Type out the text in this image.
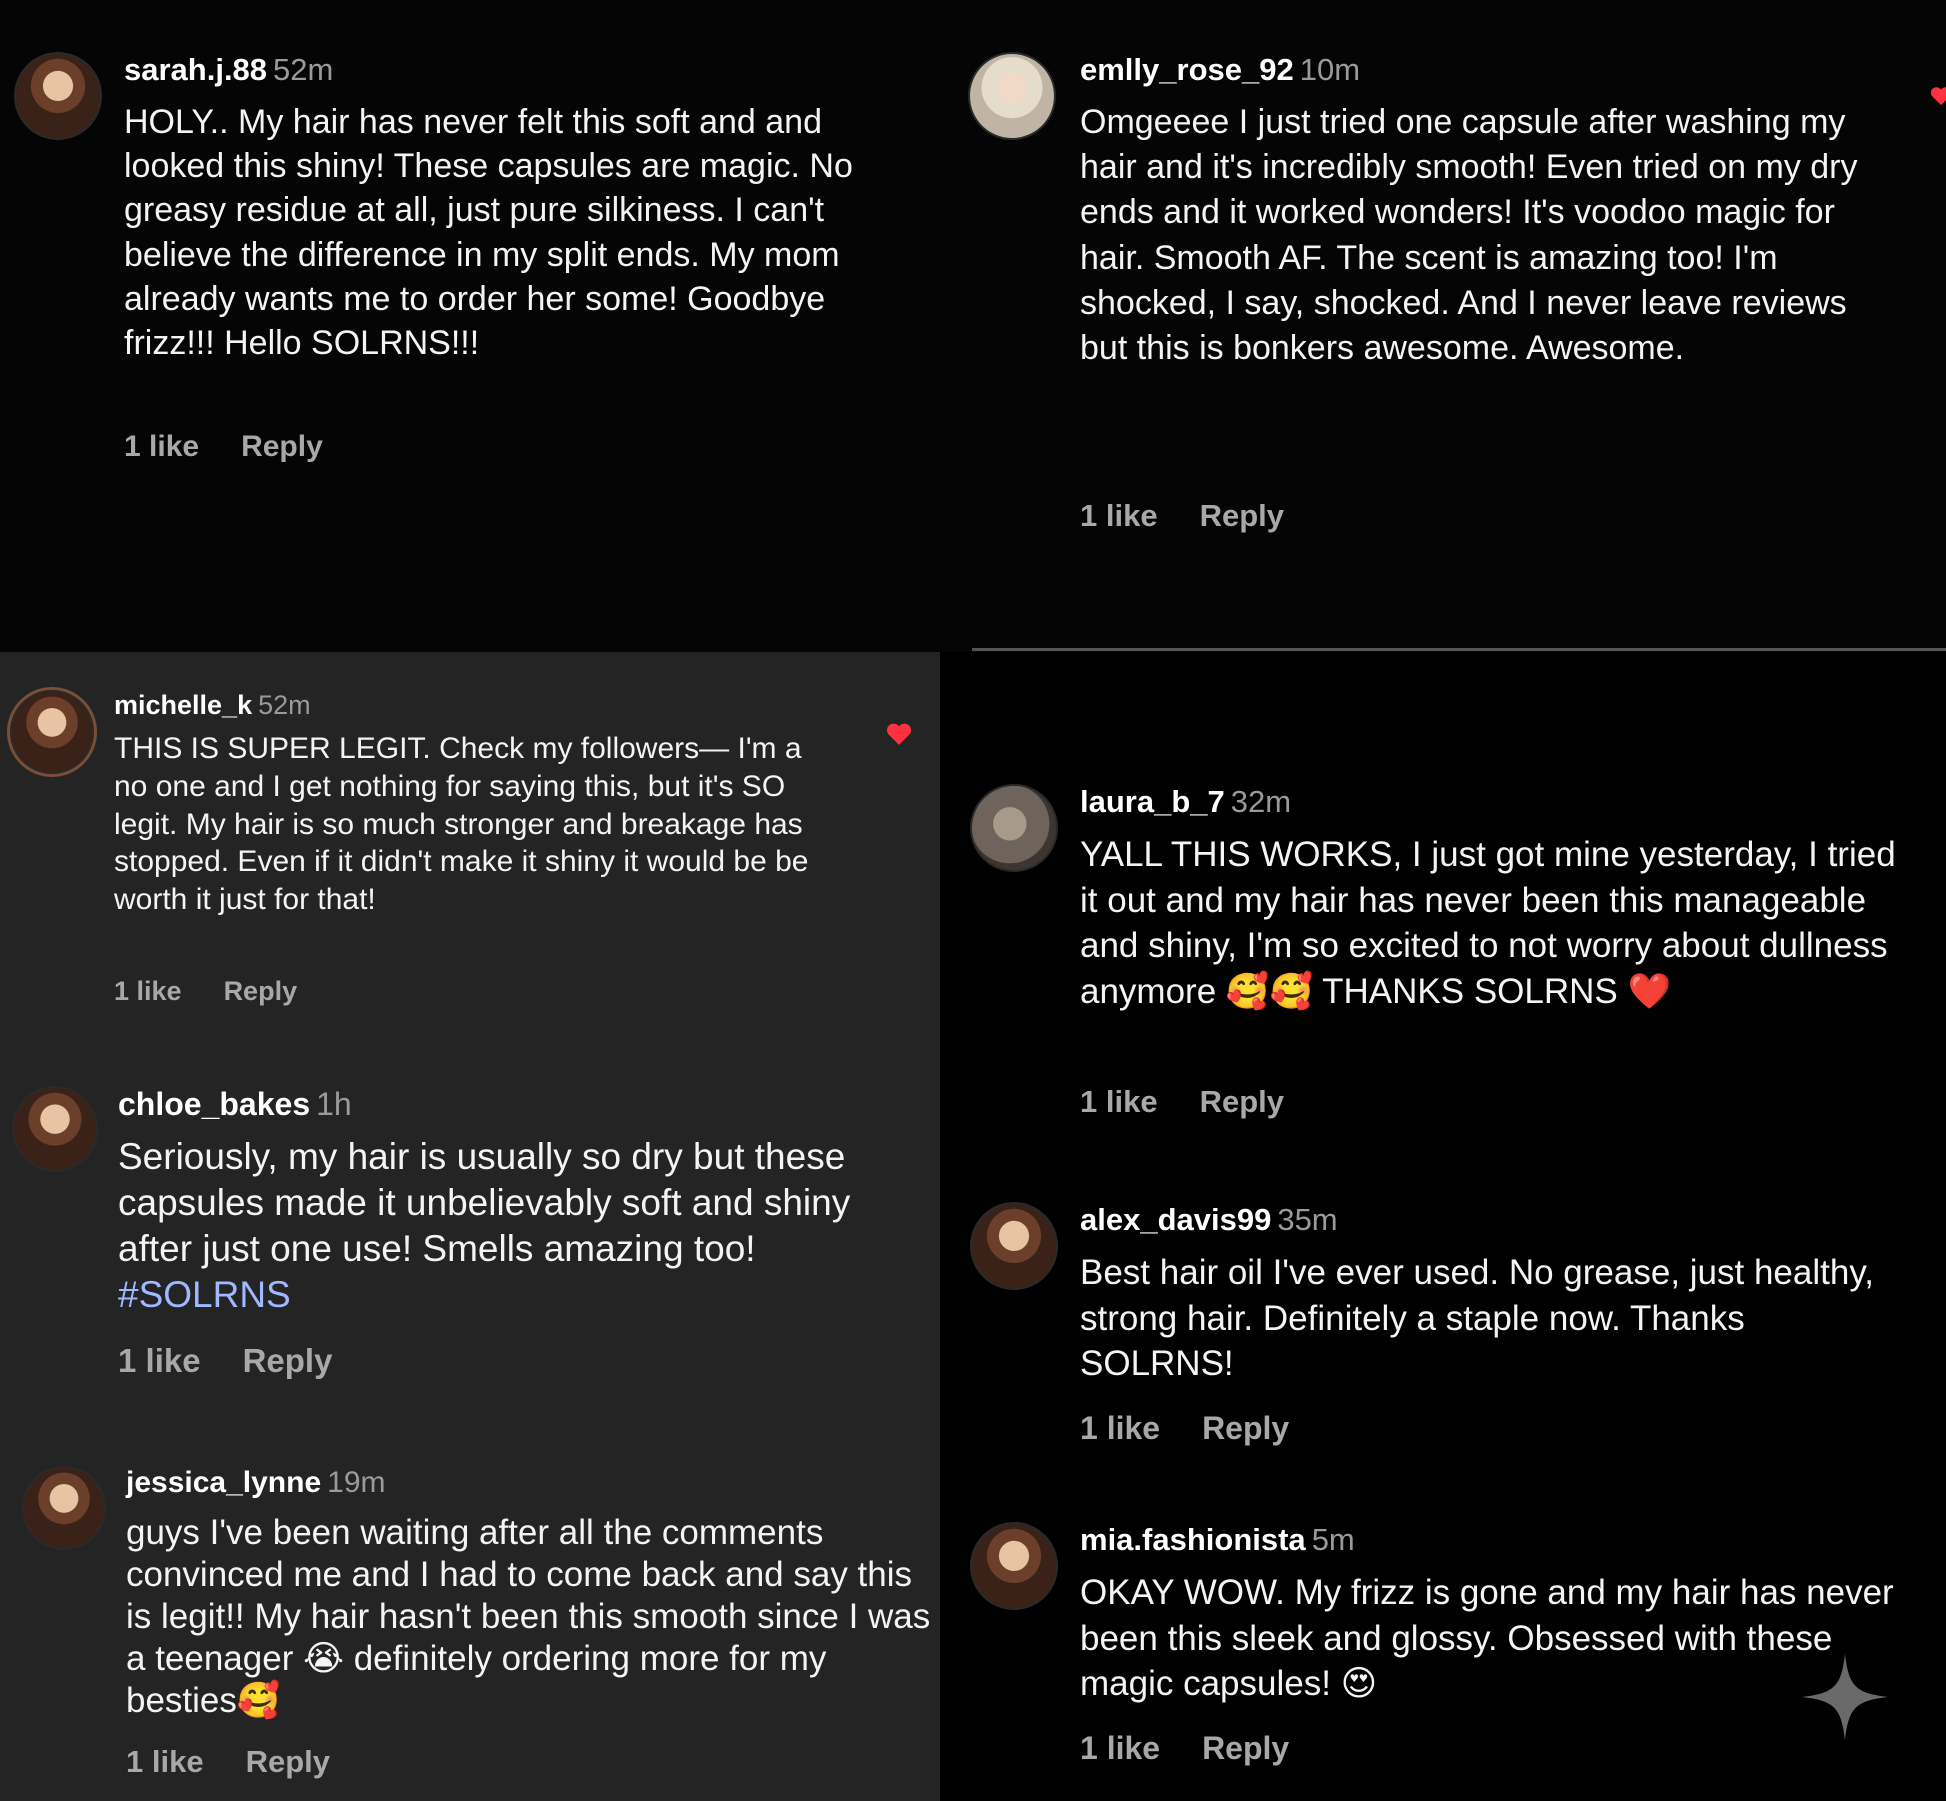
sarah.j.88 52m
HOLY.. My hair has never felt this soft and and looked this shiny! These capsules are magic. No greasy residue at all, just pure silkiness. I can't believe the difference in my split ends. My mom already wants me to order her some! Goodbye frizz!!! Hello SOLRNS!!!
1 like Reply
emlly_rose_92 10m
Omgeeee I just tried one capsule after washing my hair and it's incredibly smooth! Even tried on my dry ends and it worked wonders! It's voodoo magic for hair. Smooth AF. The scent is amazing too! I'm shocked, I say, shocked. And I never leave reviews but this is bonkers awesome. Awesome.
1 like Reply
michelle_k 52m
THIS IS SUPER LEGIT. Check my followers— I'm a no one and I get nothing for saying this, but it's SO legit. My hair is so much stronger and breakage has stopped. Even if it didn't make it shiny it would be be worth it just for that!
1 like Reply
chloe_bakes 1h
Seriously, my hair is usually so dry but these capsules made it unbelievably soft and shiny after just one use! Smells amazing too! #SOLRNS
1 like Reply
jessica_lynne 19m
guys I've been waiting after all the comments convinced me and I had to come back and say this is legit!! My hair hasn't been this smooth since I was a teenager 😭 definitely ordering more for my besties🥰
1 like Reply
laura_b_7 32m
YALL THIS WORKS, I just got mine yesterday, I tried it out and my hair has never been this manageable and shiny, I'm so excited to not worry about dullness anymore 🥰🥰 THANKS SOLRNS ❤️
1 like Reply
alex_davis99 35m
Best hair oil I've ever used. No grease, just healthy, strong hair. Definitely a staple now. Thanks SOLRNS!
1 like Reply
mia.fashionista 5m
OKAY WOW. My frizz is gone and my hair has never been this sleek and glossy. Obsessed with these magic capsules! 😍
1 like Reply
